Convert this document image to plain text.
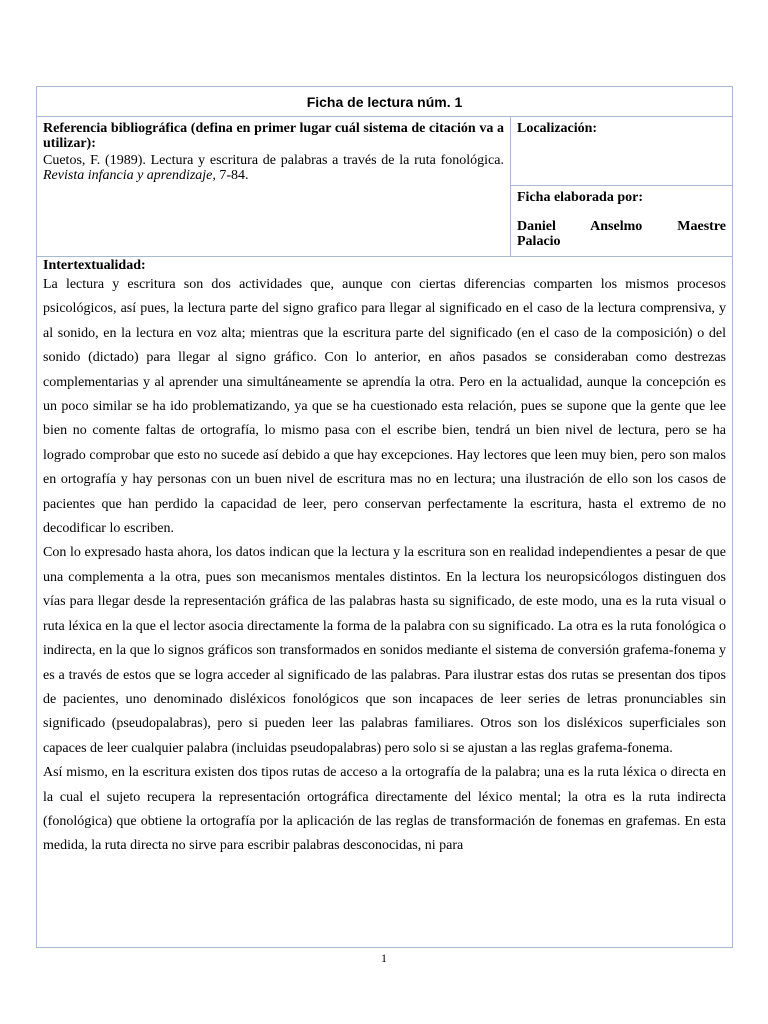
Ficha de lectura núm. 1
Referencia bibliográfica (defina en primer lugar cuál sistema de citación va a utilizar):
Cuetos, F. (1989). Lectura y escritura de palabras a través de la ruta fonológica. Revista infancia y aprendizaje, 7-84.
Localización:
Ficha elaborada por:
Daniel Anselmo Maestre
Palacio
Intertextualidad:

La lectura y escritura son dos actividades que, aunque con ciertas diferencias comparten los mismos procesos psicológicos, así pues, la lectura parte del signo grafico para llegar al significado en el caso de la lectura comprensiva, y al sonido, en la lectura en voz alta; mientras que la escritura parte del significado (en el caso de la composición) o del sonido (dictado) para llegar al signo gráfico. Con lo anterior, en años pasados se consideraban como destrezas complementarias y al aprender una simultáneamente se aprendía la otra. Pero en la actualidad, aunque la concepción es un poco similar se ha ido problematizando, ya que se ha cuestionado esta relación, pues se supone que la gente que lee bien no comente faltas de ortografía, lo mismo pasa con el escribe bien, tendrá un bien nivel de lectura, pero se ha logrado comprobar que esto no sucede así debido a que hay excepciones. Hay lectores que leen muy bien, pero son malos en ortografía y hay personas con un buen nivel de escritura mas no en lectura; una ilustración de ello son los casos de pacientes que han perdido la capacidad de leer, pero conservan perfectamente la escritura, hasta el extremo de no decodificar lo escriben.

Con lo expresado hasta ahora, los datos indican que la lectura y la escritura son en realidad independientes a pesar de que una complementa a la otra, pues son mecanismos mentales distintos. En la lectura los neuropsicólogos distinguen dos vías para llegar desde la representación gráfica de las palabras hasta su significado, de este modo, una es la ruta visual o ruta léxica en la que el lector asocia directamente la forma de la palabra con su significado. La otra es la ruta fonológica o indirecta, en la que lo signos gráficos son transformados en sonidos mediante el sistema de conversión grafema-fonema y es a través de estos que se logra acceder al significado de las palabras. Para ilustrar estas dos rutas se presentan dos tipos de pacientes, uno denominado disléxicos fonológicos que son incapaces de leer series de letras pronunciables sin significado (pseudopalabras), pero si pueden leer las palabras familiares. Otros son los disléxicos superficiales son capaces de leer cualquier palabra (incluidas pseudopalabras) pero solo si se ajustan a las reglas grafema-fonema.

Así mismo, en la escritura existen dos tipos rutas de acceso a la ortografía de la palabra; una es la ruta léxica o directa en la cual el sujeto recupera la representación ortográfica directamente del léxico mental; la otra es la ruta indirecta (fonológica) que obtiene la ortografía por la aplicación de las reglas de transformación de fonemas en grafemas. En esta medida, la ruta directa no sirve para escribir palabras desconocidas, ni para

1
